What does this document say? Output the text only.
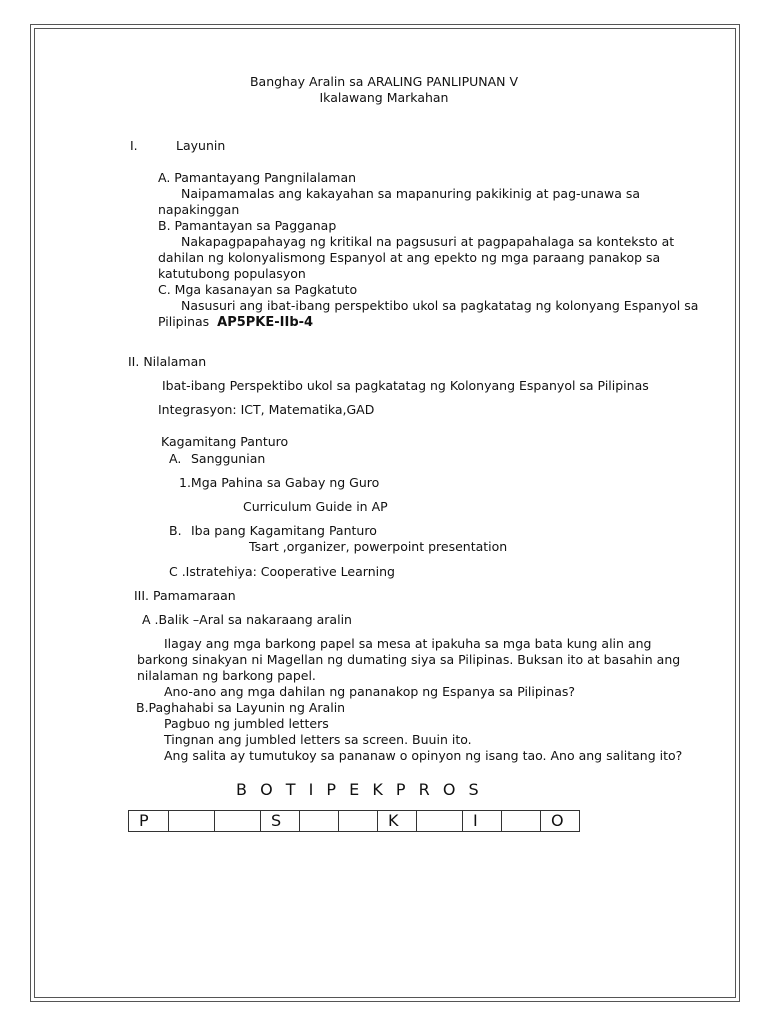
Banghay Aralin sa ARALING PANLIPUNAN V
Ikalawang Markahan
I.	Layunin
A. Pamantayang Pangnilalaman
Naipamamalas ang kakayahan sa mapanuring pakikinig at pag-unawa sa
napakinggan
B. Pamantayan sa Pagganap
Nakapagpapahayag ng kritikal na pagsusuri at pagpapahalaga sa konteksto at
dahilan ng kolonyalismong Espanyol at ang epekto ng mga paraang panakop sa
katutubong populasyon
C. Mga kasanayan sa Pagkatuto
Nasusuri ang ibat-ibang perspektibo ukol sa pagkatatag ng kolonyang Espanyol sa
Pilipinas AP5PKE-IIb-4
II. Nilalaman
Ibat-ibang Perspektibo ukol sa pagkatatag ng Kolonyang Espanyol sa Pilipinas
Integrasyon: ICT, Matematika,GAD
Kagamitang Panturo
A. Sanggunian
1.Mga Pahina sa Gabay ng Guro
Curriculum Guide in AP
B. Iba pang Kagamitang Panturo
Tsart ,organizer, powerpoint presentation
C .Istratehiya: Cooperative Learning
III. Pamamaraan
A .Balik –Aral sa nakaraang aralin
Ilagay ang mga barkong papel sa mesa at ipakuha sa mga bata kung alin ang
barkong sinakyan ni Magellan ng dumating siya sa Pilipinas. Buksan ito at basahin ang
nilalaman ng barkong papel.
Ano-ano ang mga dahilan ng pananakop ng Espanya sa Pilipinas?
B.Paghahabi sa Layunin ng Aralin
Pagbuo ng jumbled letters
Tingnan ang jumbled letters sa screen. Buuin ito.
Ang salita ay tumutukoy sa pananaw o opinyon ng isang tao. Ano ang salitang ito?
B O T I P E K P R O S
P			S			K		I		O
